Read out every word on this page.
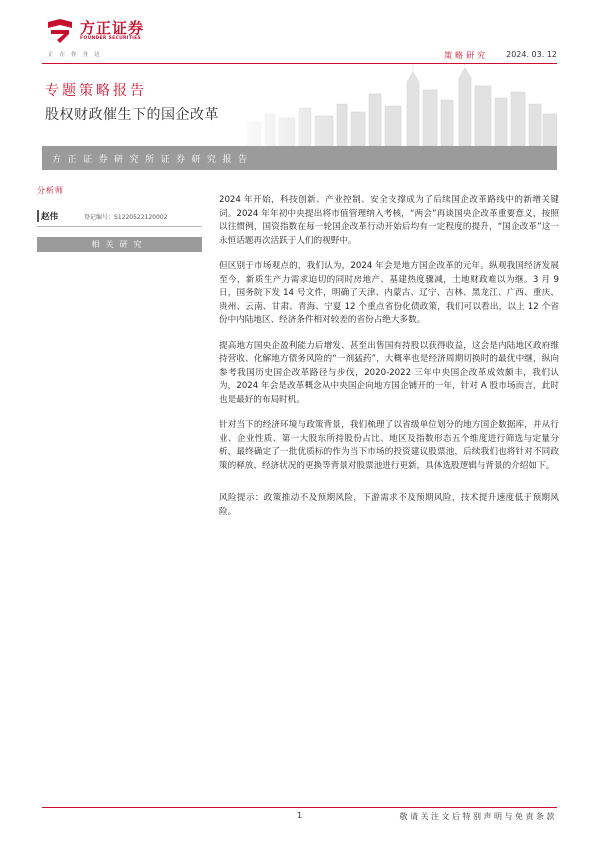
方正证券
FOUNDER SECURITIES
正在你身边	策略研究 2024. 03. 12
专题策略报告
股权财政催生下的国企改革
方正证券研究所证券研究报告
分析师
赵伟	登记编号：S1220522120002
相关研究

2024 年开始，科技创新、产业控制、安全支撑成为了后续国企改革路线中的新增关键词。2024 年年初中央提出将市值管理纳入考核，“两会”再谈国央企改革重要意义，按照以往惯例，国资指数在每一轮国企改革行动开始后均有一定程度的提升，“国企改革”这一永恒话题再次活跃于人们的视野中。

但区别于市场观点的，我们认为，2024 年会是地方国企改革的元年。纵观我国经济发展至今，新质生产力需求迫切的同时房地产、基建热度骤减，土地财政难以为继。3 月 9 日，国务院下发 14 号文件，明确了天津、内蒙古、辽宁、吉林、黑龙江、广西、重庆、贵州、云南、甘肃、青海、宁夏 12 个重点省份化债政策，我们可以看出，以上 12 个省份中内陆地区、经济条件相对较差的省份占绝大多数。

提高地方国央企盈利能力后增发、甚至出售国有持股以获得收益，这会是内陆地区政府维持营收、化解地方债务风险的“一剂猛药”，大概率也是经济周期切换时的最优中继，纵向参考我国历史国企改革路径与步伐，2020-2022 三年中央国企改革成效颇丰，我们认为，2024 年会是改革概念从中央国企向地方国企铺开的一年，针对 A 股市场而言，此时也是最好的布局时机。

针对当下的经济环境与政策背景，我们梳理了以省级单位划分的地方国企数据库，并从行业、企业性质、第一大股东所持股份占比、地区及指数形态五个维度进行筛选与定量分析，最终确定了一批优质标的作为当下市场的投资建议股票池，后续我们也将针对不同政策的释放、经济状况的更换等背景对股票池进行更新，具体选股逻辑与背景的介绍如下。

风险提示：政策推动不及预期风险，下游需求不及预期风险，技术提升速度低于预期风险。

1	敬请关注文后特别声明与免责条款
